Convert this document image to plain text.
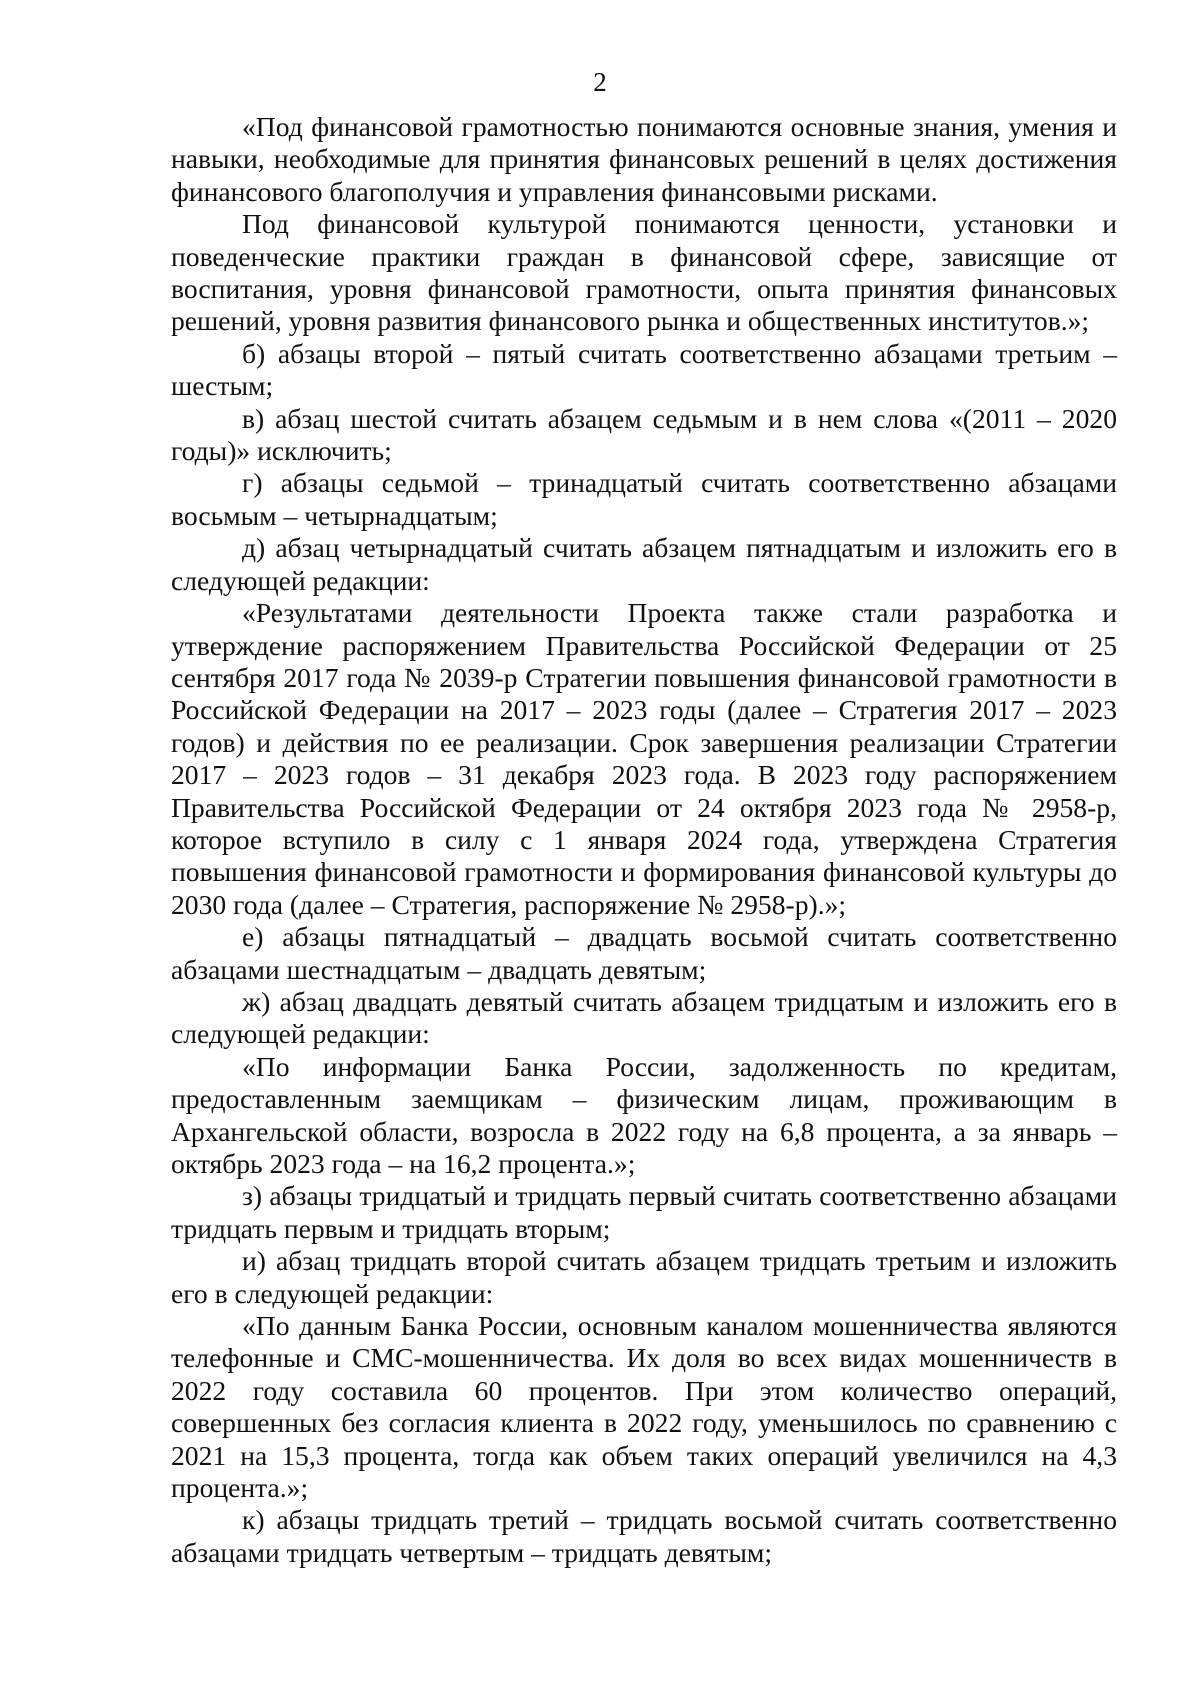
2

«Под финансовой грамотностью понимаются основные знания, умения и навыки, необходимые для принятия финансовых решений в целях достижения финансового благополучия и управления финансовыми рисками.

Под финансовой культурой понимаются ценности, установки и поведенческие практики граждан в финансовой сфере, зависящие от воспитания, уровня финансовой грамотности, опыта принятия финансовых решений, уровня развития финансового рынка и общественных институтов.»;

б) абзацы второй – пятый считать соответственно абзацами третьим – шестым;

в) абзац шестой считать абзацем седьмым и в нем слова «(2011 – 2020 годы)» исключить;

г) абзацы седьмой – тринадцатый считать соответственно абзацами восьмым – четырнадцатым;

д) абзац четырнадцатый считать абзацем пятнадцатым и изложить его в следующей редакции:

«Результатами деятельности Проекта также стали разработка и утверждение распоряжением Правительства Российской Федерации от 25 сентября 2017 года № 2039-р Стратегии повышения финансовой грамотности в Российской Федерации на 2017 – 2023 годы (далее – Стратегия 2017 – 2023 годов) и действия по ее реализации. Срок завершения реализации Стратегии 2017 – 2023 годов – 31 декабря 2023 года. В 2023 году распоряжением Правительства Российской Федерации от 24 октября 2023 года № 2958-р, которое вступило в силу с 1 января 2024 года, утверждена Стратегия повышения финансовой грамотности и формирования финансовой культуры до 2030 года (далее – Стратегия, распоряжение № 2958-р).»;

е) абзацы пятнадцатый – двадцать восьмой считать соответственно абзацами шестнадцатым – двадцать девятым;

ж) абзац двадцать девятый считать абзацем тридцатым и изложить его в следующей редакции:

«По информации Банка России, задолженность по кредитам, предоставленным заемщикам – физическим лицам, проживающим в Архангельской области, возросла в 2022 году на 6,8 процента, а за январь – октябрь 2023 года – на 16,2 процента.»;

з) абзацы тридцатый и тридцать первый считать соответственно абзацами тридцать первым и тридцать вторым;

и) абзац тридцать второй считать абзацем тридцать третьим и изложить его в следующей редакции:

«По данным Банка России, основным каналом мошенничества являются телефонные и СМС-мошенничества. Их доля во всех видах мошенничеств в 2022 году составила 60 процентов. При этом количество операций, совершенных без согласия клиента в 2022 году, уменьшилось по сравнению с 2021 на 15,3 процента, тогда как объем таких операций увеличился на 4,3 процента.»;

к) абзацы тридцать третий – тридцать восьмой считать соответственно абзацами тридцать четвертым – тридцать девятым;
